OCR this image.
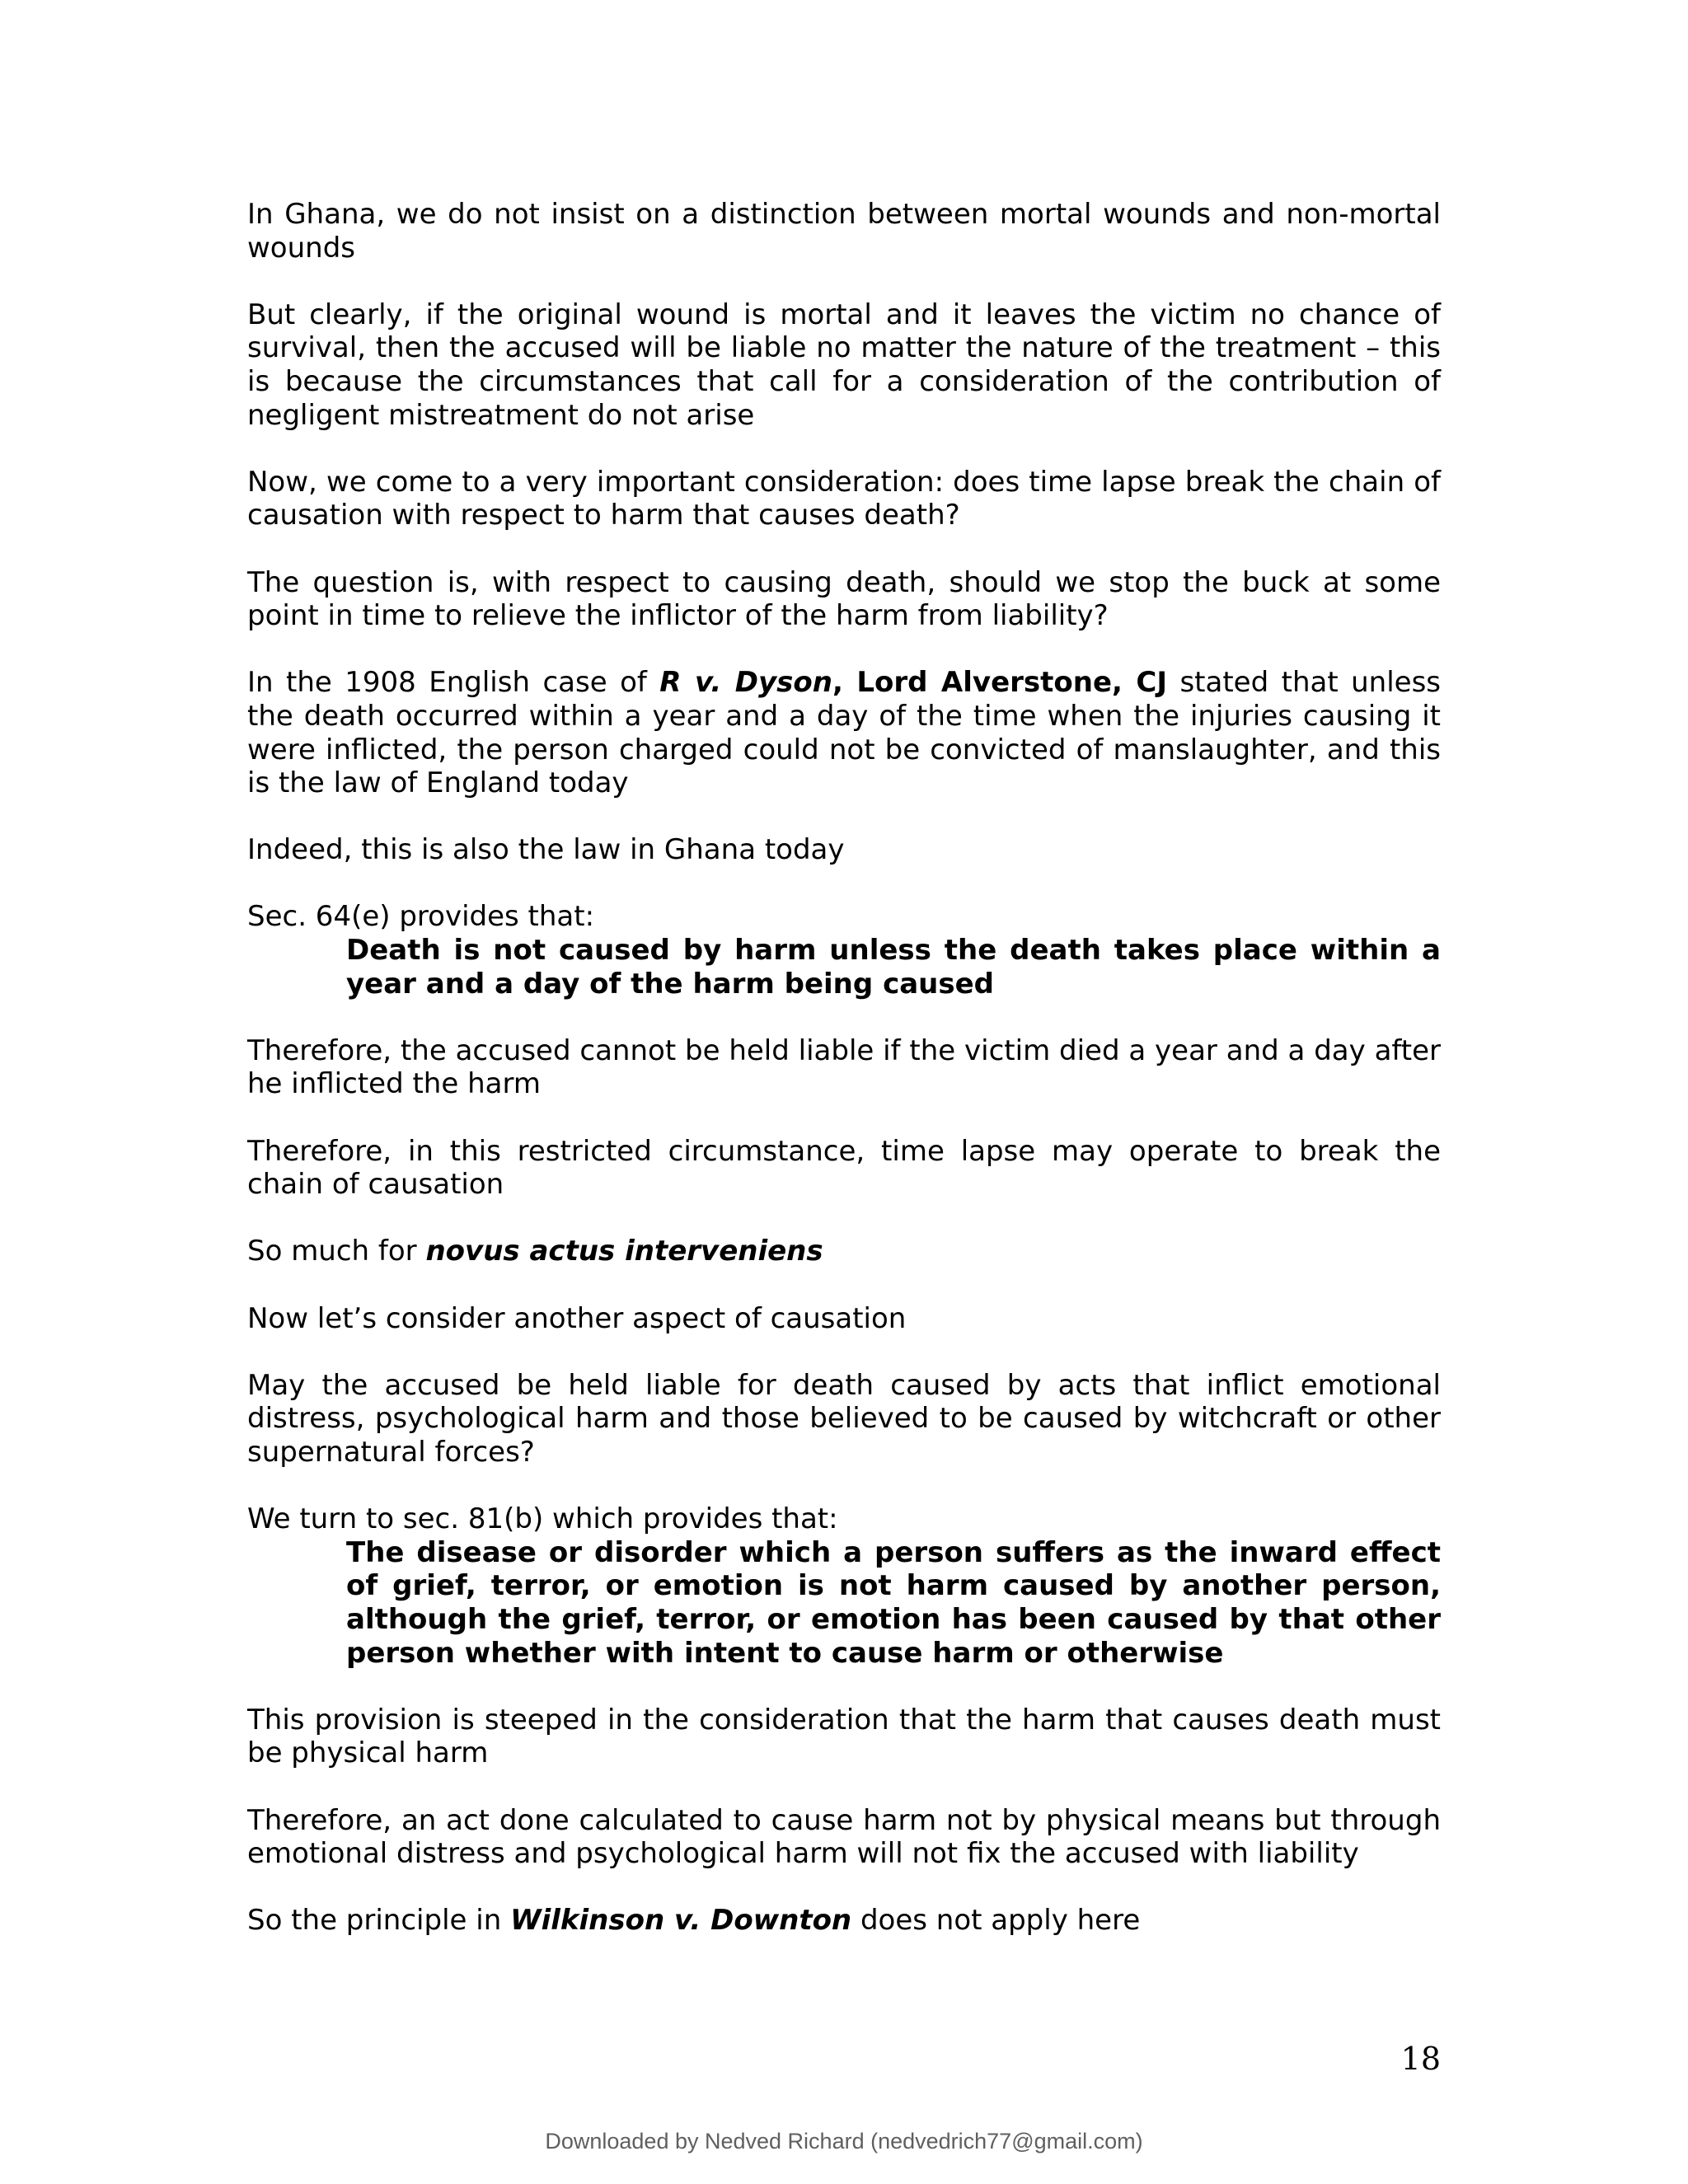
In Ghana, we do not insist on a distinction between mortal wounds and non-mortal wounds

But clearly, if the original wound is mortal and it leaves the victim no chance of survival, then the accused will be liable no matter the nature of the treatment – this is because the circumstances that call for a consideration of the contribution of negligent mistreatment do not arise

Now, we come to a very important consideration: does time lapse break the chain of causation with respect to harm that causes death?

The question is, with respect to causing death, should we stop the buck at some point in time to relieve the inflictor of the harm from liability?

In the 1908 English case of R v. Dyson, Lord Alverstone, CJ stated that unless the death occurred within a year and a day of the time when the injuries causing it were inflicted, the person charged could not be convicted of manslaughter, and this is the law of England today

Indeed, this is also the law in Ghana today

Sec. 64(e) provides that:

Death is not caused by harm unless the death takes place within a year and a day of the harm being caused

Therefore, the accused cannot be held liable if the victim died a year and a day after he inflicted the harm

Therefore, in this restricted circumstance, time lapse may operate to break the chain of causation

So much for novus actus interveniens

Now let’s consider another aspect of causation

May the accused be held liable for death caused by acts that inflict emotional distress, psychological harm and those believed to be caused by witchcraft or other supernatural forces?

We turn to sec. 81(b) which provides that:

The disease or disorder which a person suffers as the inward effect of grief, terror, or emotion is not harm caused by another person, although the grief, terror, or emotion has been caused by that other person whether with intent to cause harm or otherwise

This provision is steeped in the consideration that the harm that causes death must be physical harm

Therefore, an act done calculated to cause harm not by physical means but through emotional distress and psychological harm will not fix the accused with liability

So the principle in Wilkinson v. Downton does not apply here

18
Downloaded by Nedved Richard (nedvedrich77@gmail.com)
